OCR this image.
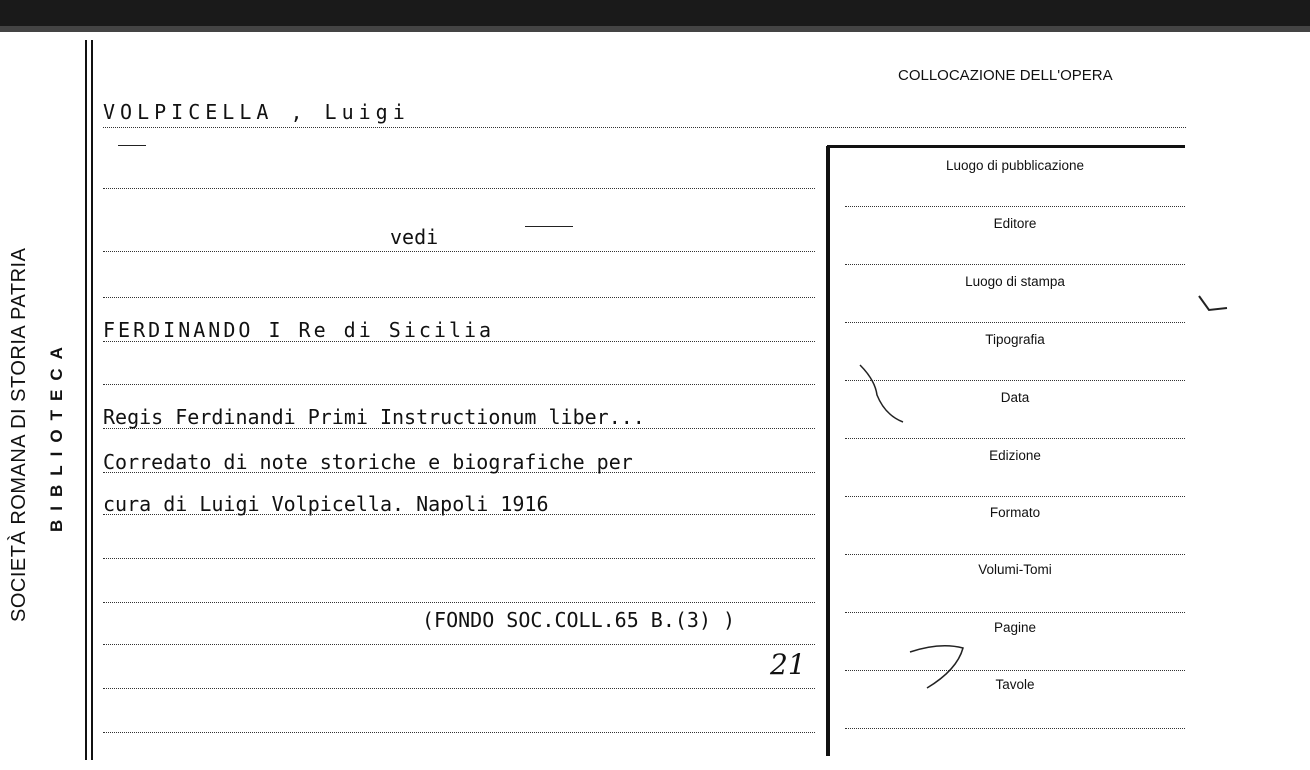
SOCIETÀ ROMANA DI STORIA PATRIA BIBLIOTECA
COLLOCAZIONE DELL'OPERA
Luogo di pubblicazione
Editore
Luogo di stampa
Tipografia
Data
Edizione
Formato
Volumi-Tomi
Pagine
Tavole
VOLPICELLA , Luigi
vedi
FERDINANDO I Re di Sicilia
Regis Ferdinandi Primi Instructionum liber...
Corredato di note storiche e biografiche per
cura di Luigi Volpicella. Napoli 1916
(FONDO SOC.COLL.65 B.(3) )
21
